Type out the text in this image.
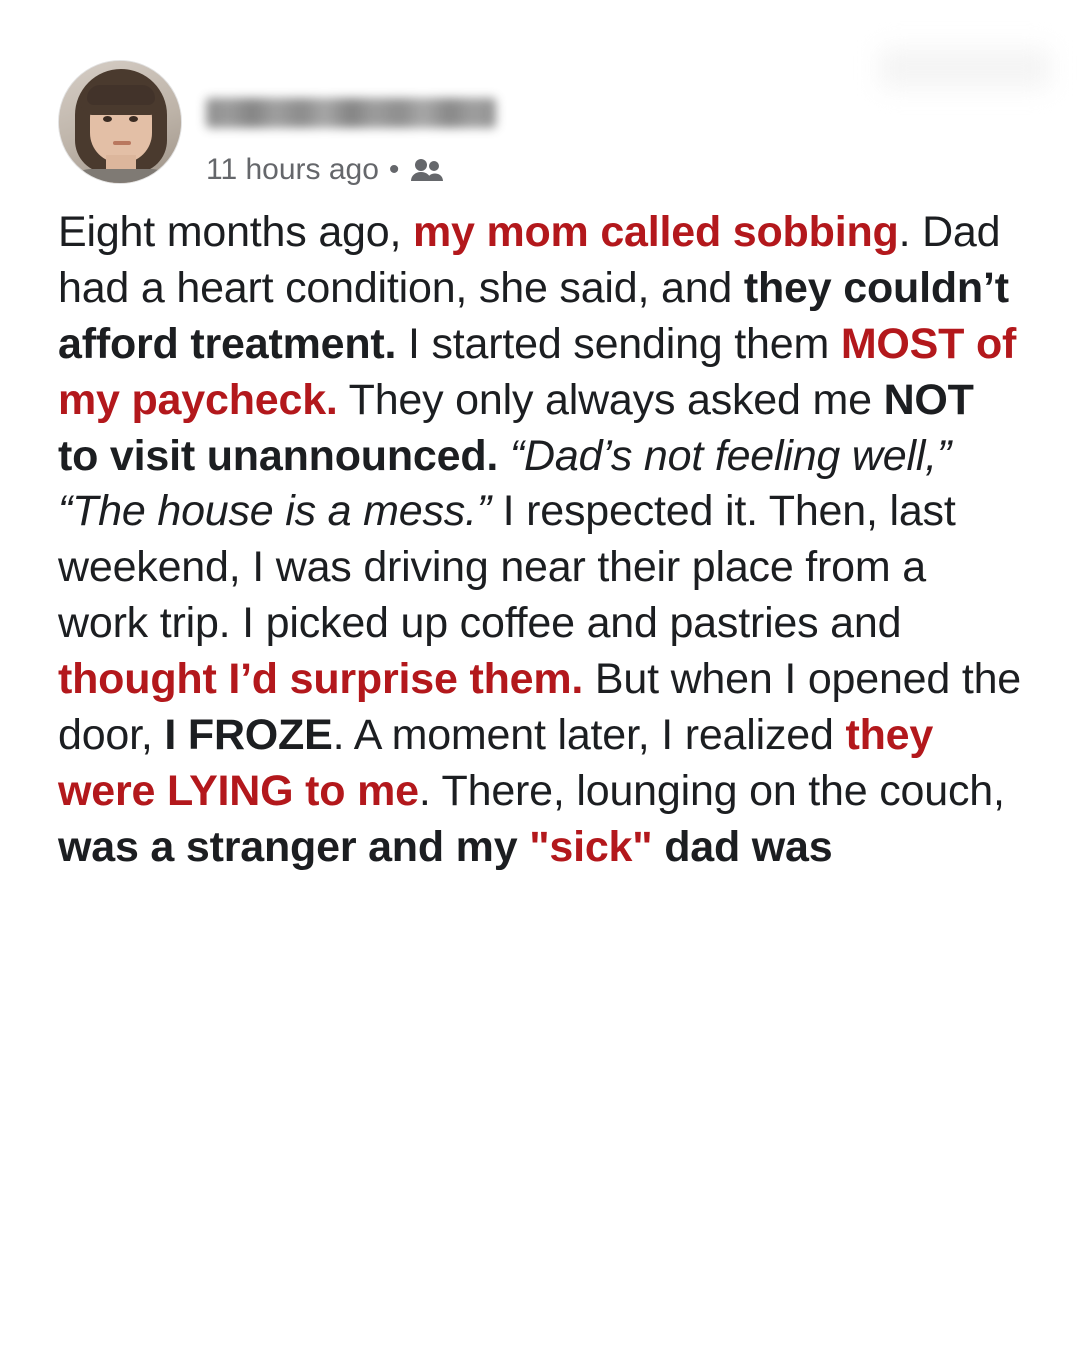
11 hours ago •

Eight months ago, my mom called sobbing. Dad had a heart condition, she said, and they couldn’t afford treatment. I started sending them MOST of my paycheck. They only always asked me NOT to visit unannounced. “Dad’s not feeling well,” “The house is a mess.” I respected it. Then, last weekend, I was driving near their place from a work trip. I picked up coffee and pastries and thought I’d surprise them. But when I opened the door, I FROZE. A moment later, I realized they were LYING to me. There, lounging on the couch, was a stranger and my "sick" dad was
